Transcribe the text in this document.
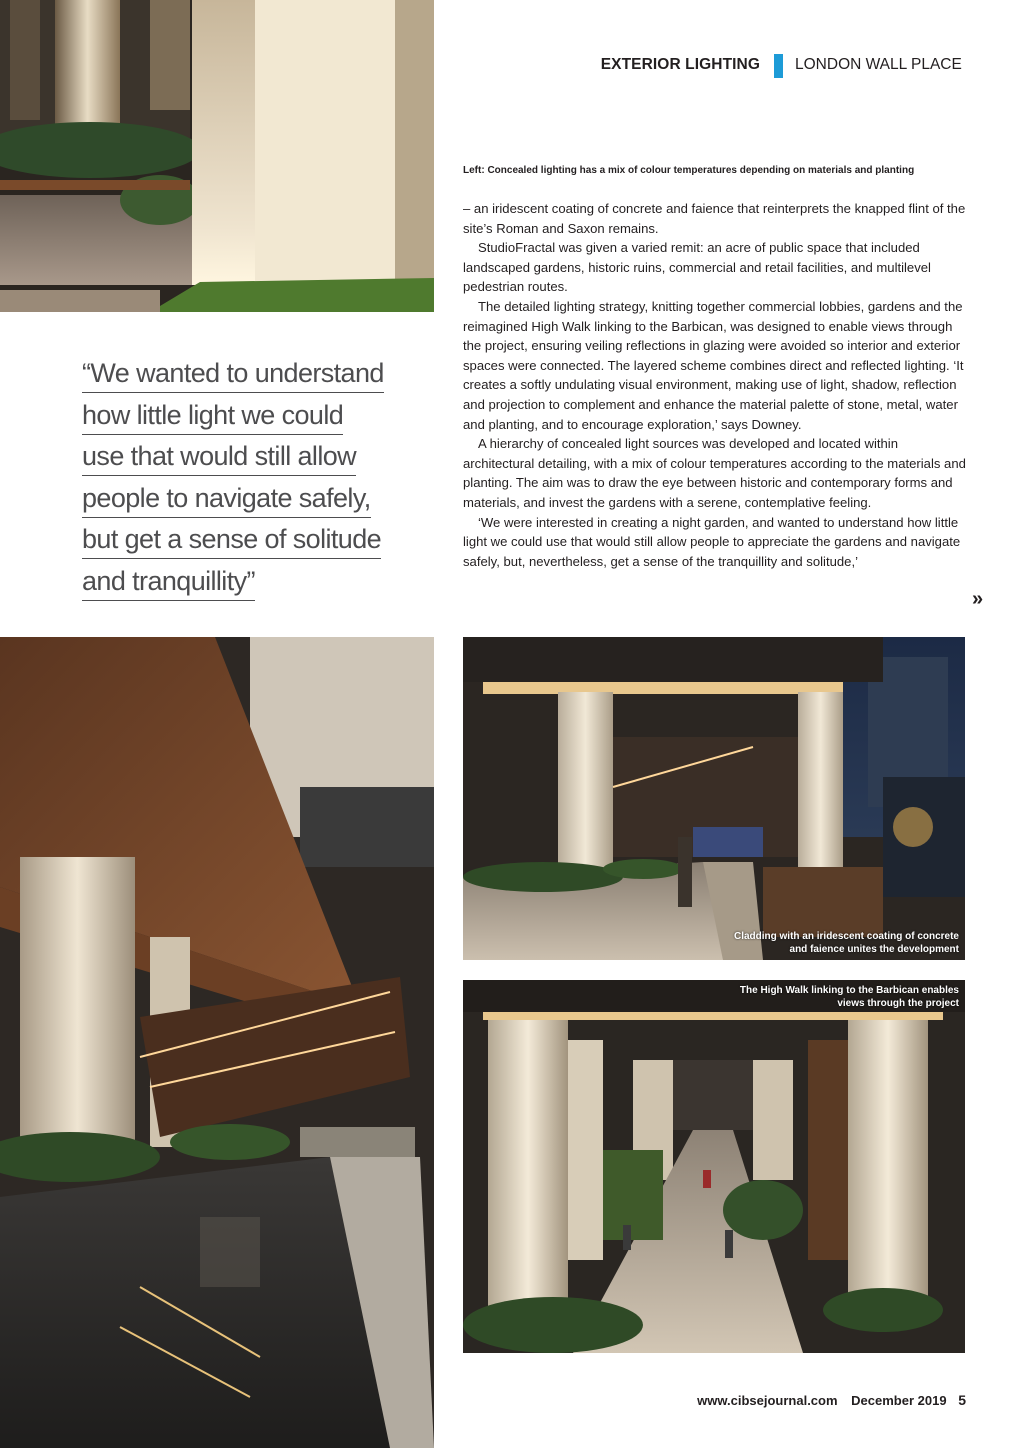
EXTERIOR LIGHTING LONDON WALL PLACE
Left: Concealed lighting has a mix of colour temperatures depending on materials and planting

– an iridescent coating of concrete and faience that reinterprets the knapped flint of the site’s Roman and Saxon remains.

StudioFractal was given a varied remit: an acre of public space that included landscaped gardens, historic ruins, commercial and retail facilities, and multilevel pedestrian routes.

The detailed lighting strategy, knitting together commercial lobbies, gardens and the reimagined High Walk linking to the Barbican, was designed to enable views through the project, ensuring veiling reflections in glazing were avoided so interior and exterior spaces were connected. The layered scheme combines direct and reflected lighting. ‘It creates a softly undulating visual environment, making use of light, shadow, reflection and projection to complement and enhance the material palette of stone, metal, water and planting, and to encourage exploration,’ says Downey.

A hierarchy of concealed light sources was developed and located within architectural detailing, with a mix of colour temperatures according to the materials and planting. The aim was to draw the eye between historic and contemporary forms and materials, and invest the gardens with a serene, contemplative feeling.

‘We were interested in creating a night garden, and wanted to understand how little light we could use that would still allow people to appreciate the gardens and navigate safely, but, nevertheless, get a sense of the tranquillity and solitude,’

»
“We wanted to understand
how little light we could
use that would still allow
people to navigate safely,
but get a sense of solitude
and tranquillity”
Cladding with an iridescent coating of concrete and faience unites the development
The High Walk linking to the Barbican enables views through the project
www.cibsejournal.com December 2019 5
